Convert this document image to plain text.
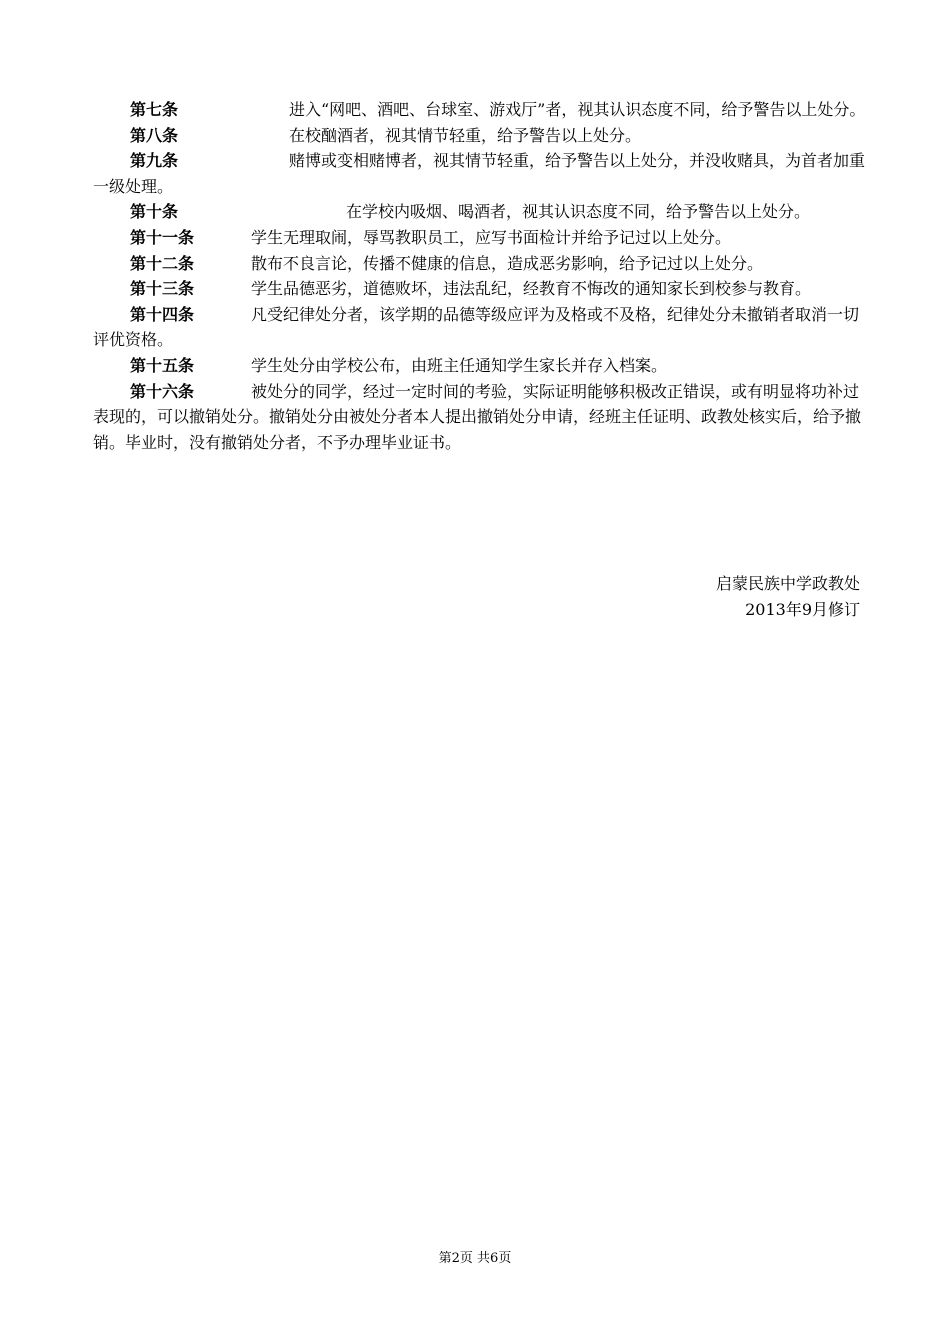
第七条	进入“网吧、酒吧、台球室、游戏厅”者，视其认识态度不同，给予警告以上处分。

第八条	在校酗酒者，视其情节轻重，给予警告以上处分。

第九条	赌博或变相赌博者，视其情节轻重，给予警告以上处分，并没收赌具，为首者加重一级处理。

第十条	在学校内吸烟、喝酒者，视其认识态度不同，给予警告以上处分。

第十一条	学生无理取闹，辱骂教职员工，应写书面检计并给予记过以上处分。

第十二条	散布不良言论，传播不健康的信息，造成恶劣影响，给予记过以上处分。

第十三条	学生品德恶劣，道德败坏，违法乱纪，经教育不悔改的通知家长到校参与教育。

第十四条	凡受纪律处分者，该学期的品德等级应评为及格或不及格，纪律处分未撤销者取消一切评优资格。

第十五条	学生处分由学校公布，由班主任通知学生家长并存入档案。

第十六条	被处分的同学，经过一定时间的考验，实际证明能够积极改正错误，或有明显将功补过表现的，可以撤销处分。撤销处分由被处分者本人提出撤销处分申请，经班主任证明、政教处核实后，给予撤销。毕业时，没有撤销处分者，不予办理毕业证书。

启蒙民族中学政教处
2013年9月修订
第2页 共6页
